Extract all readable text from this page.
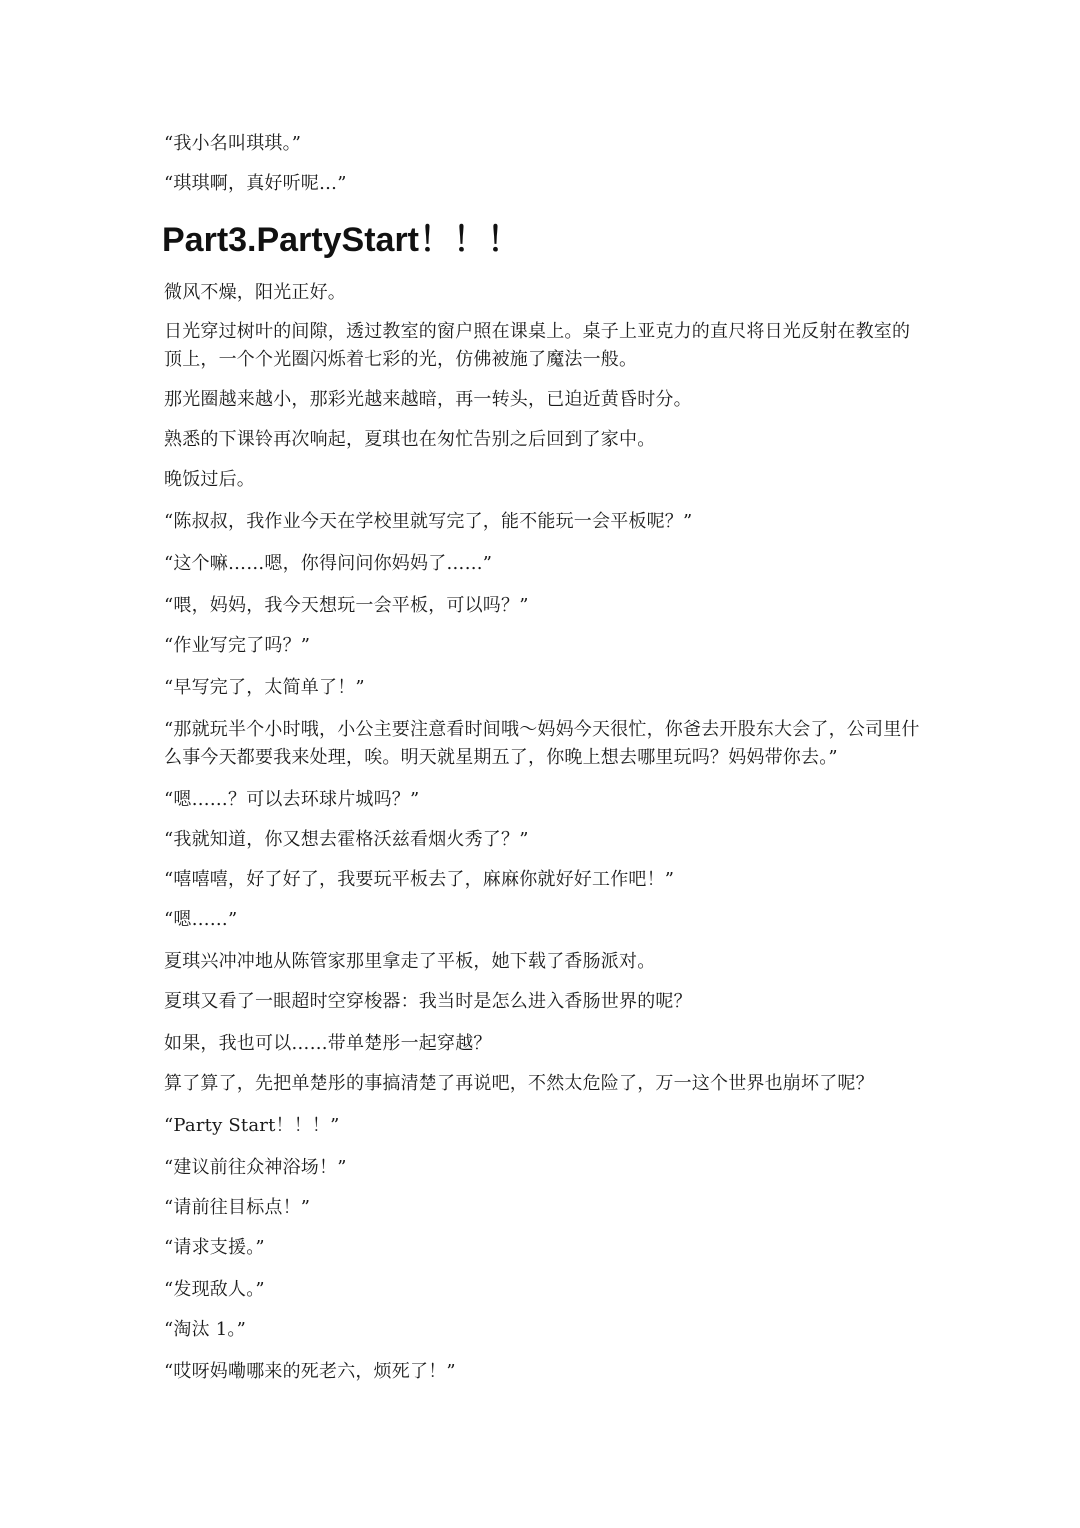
“我小名叫琪琪。”

“琪琪啊，真好听呢…”

Part3.PartyStart！！！

微风不燥，阳光正好。

日光穿过树叶的间隙，透过教室的窗户照在课桌上。桌子上亚克力的直尺将日光反射在教室的顶上，一个个光圈闪烁着七彩的光，仿佛被施了魔法一般。

那光圈越来越小，那彩光越来越暗，再一转头，已迫近黄昏时分。

熟悉的下课铃再次响起，夏琪也在匆忙告别之后回到了家中。

晚饭过后。

“陈叔叔，我作业今天在学校里就写完了，能不能玩一会平板呢？”

“这个嘛……嗯，你得问问你妈妈了……”

“喂，妈妈，我今天想玩一会平板，可以吗？”

“作业写完了吗？”

“早写完了，太简单了！”

“那就玩半个小时哦，小公主要注意看时间哦～妈妈今天很忙，你爸去开股东大会了，公司里什么事今天都要我来处理，唉。明天就星期五了，你晚上想去哪里玩吗？妈妈带你去。”

“嗯……？可以去环球片城吗？”

“我就知道，你又想去霍格沃兹看烟火秀了？”

“嘻嘻嘻，好了好了，我要玩平板去了，麻麻你就好好工作吧！”

“嗯……”

夏琪兴冲冲地从陈管家那里拿走了平板，她下载了香肠派对。

夏琪又看了一眼超时空穿梭器：我当时是怎么进入香肠世界的呢？

如果，我也可以……带单楚彤一起穿越？

算了算了，先把单楚彤的事搞清楚了再说吧，不然太危险了，万一这个世界也崩坏了呢？

“Party Start！！！”

“建议前往众神浴场！”

“请前往目标点！”

“请求支援。”

“发现敌人。”

“淘汰 1。”

“哎呀妈嘞哪来的死老六，烦死了！”
